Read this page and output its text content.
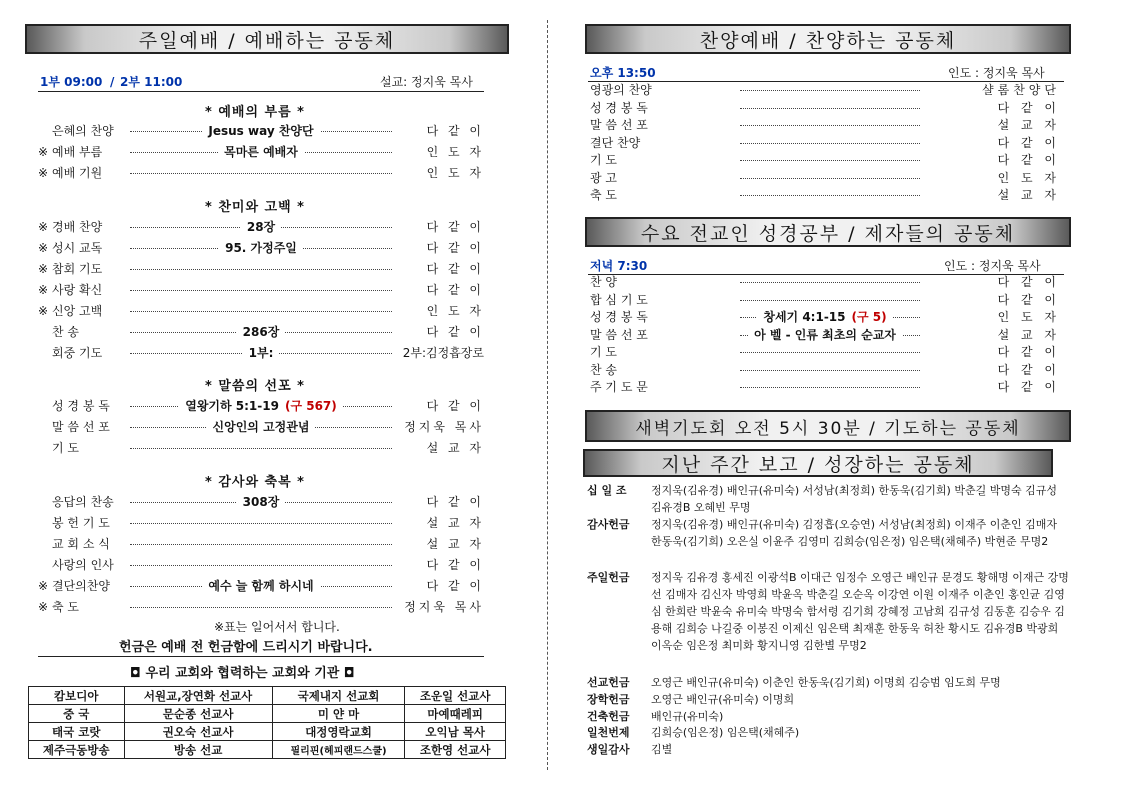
주일예배 / 예배하는 공동체
1부 09:00 / 2부 11:00	설교: 정지욱 목사
* 예배의 부름 *
은혜의 찬양	Jesus way 찬양단	다 같 이
※ 예배 부름	목마른 예배자	인 도 자
※ 예배 기원	인 도 자
* 찬미와 고백 *
※ 경배 찬양	28장	다 같 이
※ 성시 교독	95. 가정주일	다 같 이
※ 참회 기도	다 같 이
※ 사랑 확신	다 같 이
※ 신앙 고백	인 도 자
찬 송	286장	다 같 이
회중 기도	1부:	2부:김정흡장로
* 말씀의 선포 *
성 경 봉 독	열왕기하 5:1-19 (구 567)	다 같 이
말 씀 선 포	신앙인의 고정관념	정지욱 목사
기 도	설 교 자
* 감사와 축복 *
응답의 찬송	308장	다 같 이
봉 헌 기 도	설 교 자
교 회 소 식	설 교 자
사랑의 인사	다 같 이
※ 결단의찬양	예수 늘 함께 하시네	다 같 이
※ 축 도	정지욱 목사
※표는 일어서서 합니다.
헌금은 예배 전 헌금함에 드리시기 바랍니다.
◘ 우리 교회와 협력하는 교회와 기관 ◘
캄보디아	서원교,장연화 선교사	국제내지 선교회	조운일 선교사
중 국	문순종 선교사	미 얀 마	마예때레피
태국 코랏	권오숙 선교사	대정영락교회	오익남 목사
제주극동방송	방송 선교	필리핀(헤피랜드스쿨)	조한영 선교사
찬양예배 / 찬양하는 공동체
오후 13:50	인도 : 정지욱 목사
영광의 찬양	샬롬찬양단
성 경 봉 독	다 같 이
말 씀 선 포	설 교 자
결단 찬양	다 같 이
기 도	다 같 이
광 고	인 도 자
축 도	설 교 자
수요 전교인 성경공부 / 제자들의 공동체
저녁 7:30	인도 : 정지욱 목사
찬 양	다 같 이
합 심 기 도	다 같 이
성 경 봉 독	창세기 4:1-15 (구 5)	인 도 자
말 씀 선 포	아 벨 - 인류 최초의 순교자	설 교 자
기 도	다 같 이
찬 송	다 같 이
주 기 도 문	다 같 이
새벽기도회 오전 5시 30분 / 기도하는 공동체
지난 주간 보고 / 성장하는 공동체
십 일 조	정지욱(김유경) 배인규(유미숙) 서성남(최정희) 한동욱(김기희) 박춘길 박명숙 김규성 김유경B 오혜빈 무명
감사헌금	정지욱(김유경) 배인규(유미숙) 김정흡(오승연) 서성남(최정희) 이재주 이춘인 김매자 한동욱(김기희) 오은실 이윤주 김영미 김희승(임은정) 임은택(채혜주) 박현준 무명2
주일헌금	정지욱 김유경 홍세진 이광석B 이대근 임정수 오영근 배인규 문경도 황해명 이재근 강명선 김매자 김신자 박영희 박윤옥 박춘길 오순옥 이강연 이원 이재주 이춘인 홍인균 김영심 한희란 박윤숙 유미숙 박명숙 함서령 김기희 강혜정 고남희 김규성 김동훈 김승우 김용해 김희승 나길중 이봉진 이제신 임은택 최재훈 한동욱 허찬 황시도 김유경B 박광희 이옥순 임은정 최미화 황지니영 김한별 무명2
선교헌금	오영근 배인규(유미숙) 이춘인 한동욱(김기희) 이명희 김승범 임도희 무명
장학헌금	오영근 배인규(유미숙) 이명희
건축헌금	배인규(유미숙)
일천번제	김희승(임은정) 임은택(채혜주)
생일감사	김별
